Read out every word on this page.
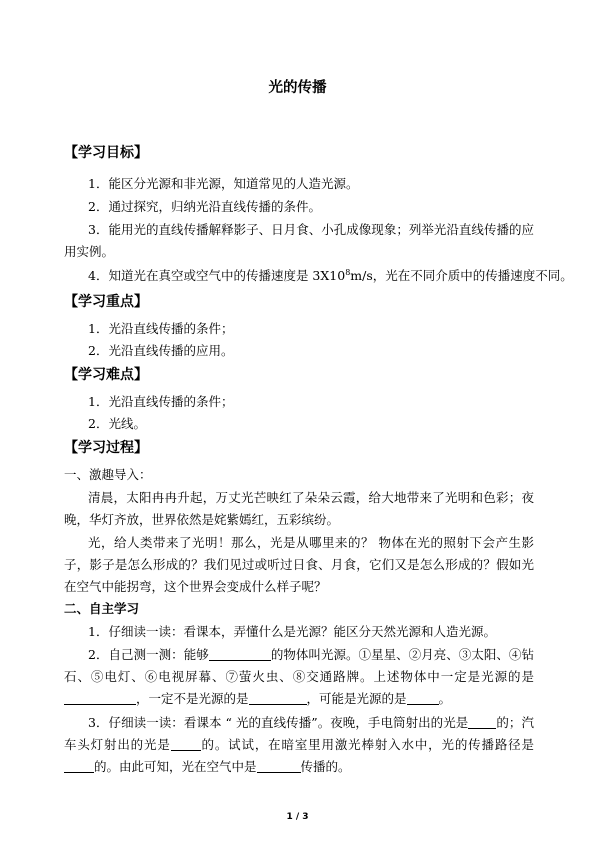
光的传播
【学习目标】
1．能区分光源和非光源，知道常见的人造光源。
2．通过探究，归纳光沿直线传播的条件。
3．能用光的直线传播解释影子、日月食、小孔成像现象；列举光沿直线传播的应用实例。
4．知道光在真空或空气中的传播速度是 $3X10^8m/s$，光在不同介质中的传播速度不同。
【学习重点】
1．光沿直线传播的条件；
2．光沿直线传播的应用。
【学习难点】
1．光沿直线传播的条件；
2．光线。
【学习过程】
一、激趣导入：
清晨，太阳冉冉升起，万丈光芒映红了朵朵云霞，给大地带来了光明和色彩；夜晚，华灯齐放，世界依然是姹紫嫣红，五彩缤纷。
光，给人类带来了光明！那么，光是从哪里来的？ 物体在光的照射下会产生影子，影子是怎么形成的？我们见过或听过日食、月食，它们又是怎么形成的？假如光在空气中能拐弯，这个世界会变成什么样子呢？
二、自主学习
1．仔细读一读：看课本，弄懂什么是光源？能区分天然光源和人造光源。
2．自己测一测：能够	的物体叫光源。①星星、②月亮、③太阳、④钻石、⑤电灯、⑥电视屏幕、⑦萤火虫、⑧交通路牌。上述物体中一定是光源的是，一定不是光源的是	，可能是光源的是	。
3．仔细读一读：看课本 “ 光的直线传播”。夜晚，手电筒射出的光是 的；汽车头灯射出的光是 的。试试，在暗室里用激光棒射入水中，光的传播路径是的。由此可知，光在空气中是	传播的。
1 / 3
